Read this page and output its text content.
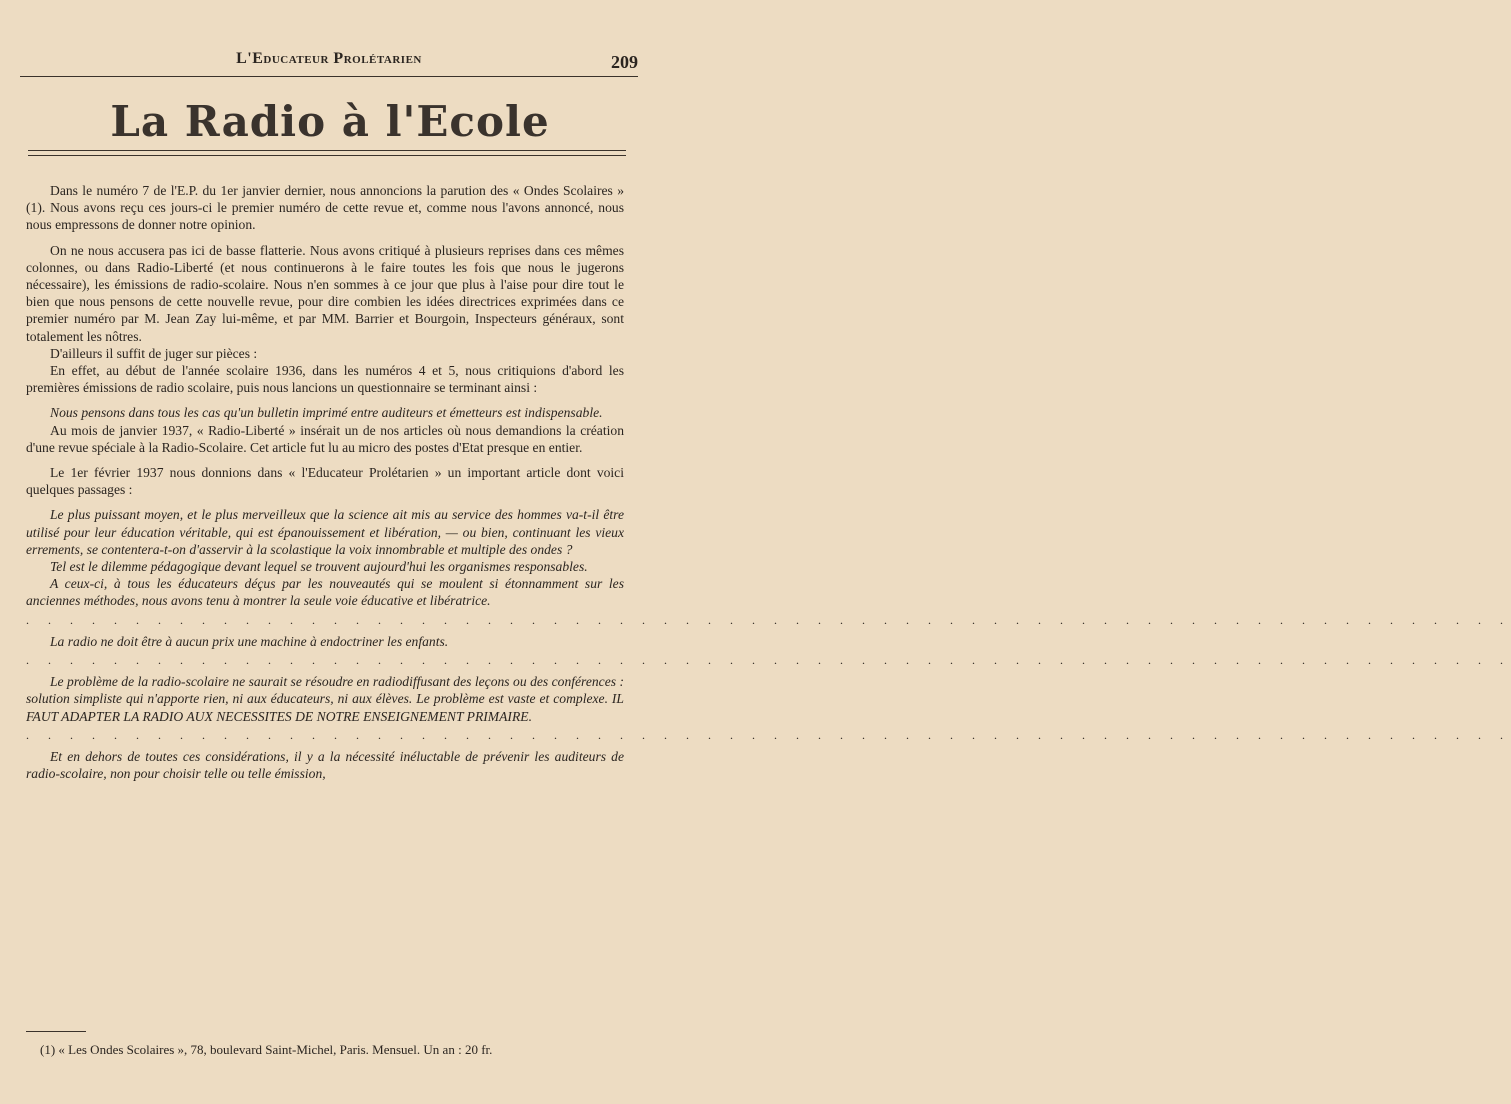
L'Educateur Prolétarien	209
La Radio à l'Ecole

Dans le numéro 7 de l'E.P. du 1er janvier dernier, nous annoncions la parution des « Ondes Scolaires » (1). Nous avons reçu ces jours-ci le premier numéro de cette revue et, comme nous l'avons annoncé, nous nous empressons de donner notre opinion.

On ne nous accusera pas ici de basse flatterie. Nous avons critiqué à plusieurs reprises dans ces mêmes colonnes, ou dans Radio-Liberté (et nous continuerons à le faire toutes les fois que nous le jugerons nécessaire), les émissions de radio-scolaire. Nous n'en sommes à ce jour que plus à l'aise pour dire tout le bien que nous pensons de cette nouvelle revue, pour dire combien les idées directrices exprimées dans ce premier numéro par M. Jean Zay lui-même, et par MM. Barrier et Bourgoin, Inspecteurs généraux, sont totalement les nôtres.

D'ailleurs il suffit de juger sur pièces :

En effet, au début de l'année scolaire 1936, dans les numéros 4 et 5, nous critiquions d'abord les premières émissions de radio scolaire, puis nous lancions un questionnaire se terminant ainsi :

Nous pensons dans tous les cas qu'un bulletin imprimé entre auditeurs et émetteurs est indispensable.

Au mois de janvier 1937, « Radio-Liberté » insérait un de nos articles où nous demandions la création d'une revue spéciale à la Radio-Scolaire. Cet article fut lu au micro des postes d'Etat presque en entier.

Le 1er février 1937 nous donnions dans « l'Educateur Prolétarien » un important article dont voici quelques passages :

Le plus puissant moyen, et le plus merveilleux que la science ait mis au service des hommes va-t-il être utilisé pour leur éducation véritable, qui est épanouissement et libération, — ou bien, continuant les vieux errements, se contentera-t-on d'asservir à la scolastique la voix innombrable et multiple des ondes ?

Tel est le dilemme pédagogique devant lequel se trouvent aujourd'hui les organismes responsables.

A ceux-ci, à tous les éducateurs déçus par les nouveautés qui se moulent si étonnamment sur les anciennes méthodes, nous avons tenu à montrer la seule voie éducative et libératrice.

. . . . . . . . . . . . . . . . . . . . . . . . . . . . . . . . . . . . . . . . . . . . . . . . . . . . . . . . . . . . . . . . . . . .

La radio ne doit être à aucun prix une machine à endoctriner les enfants.

. . . . . . . . . . . . . . . . . . . . . . . . . . . . . . . . . . . . . . . . . . . . . . . . . . . . . . . . . . . . . . . . . . . .

Le problème de la radio-scolaire ne saurait se résoudre en radiodiffusant des leçons ou des conférences : solution simpliste qui n'apporte rien, ni aux éducateurs, ni aux élèves. Le problème est vaste et complexe. IL FAUT ADAPTER LA RADIO AUX NECESSITES DE NOTRE ENSEIGNEMENT PRIMAIRE.

. . . . . . . . . . . . . . . . . . . . . . . . . . . . . . . . . . . . . . . . . . . . . . . . . . . . . . . . . . . . . . . . . . . .

Et en dehors de toutes ces considérations, il y a la nécessité inéluctable de prévenir les auditeurs de radio-scolaire, non pour choisir telle ou telle émission,

(1) « Les Ondes Scolaires », 78, boulevard Saint-Michel, Paris. Mensuel. Un an : 20 fr.
